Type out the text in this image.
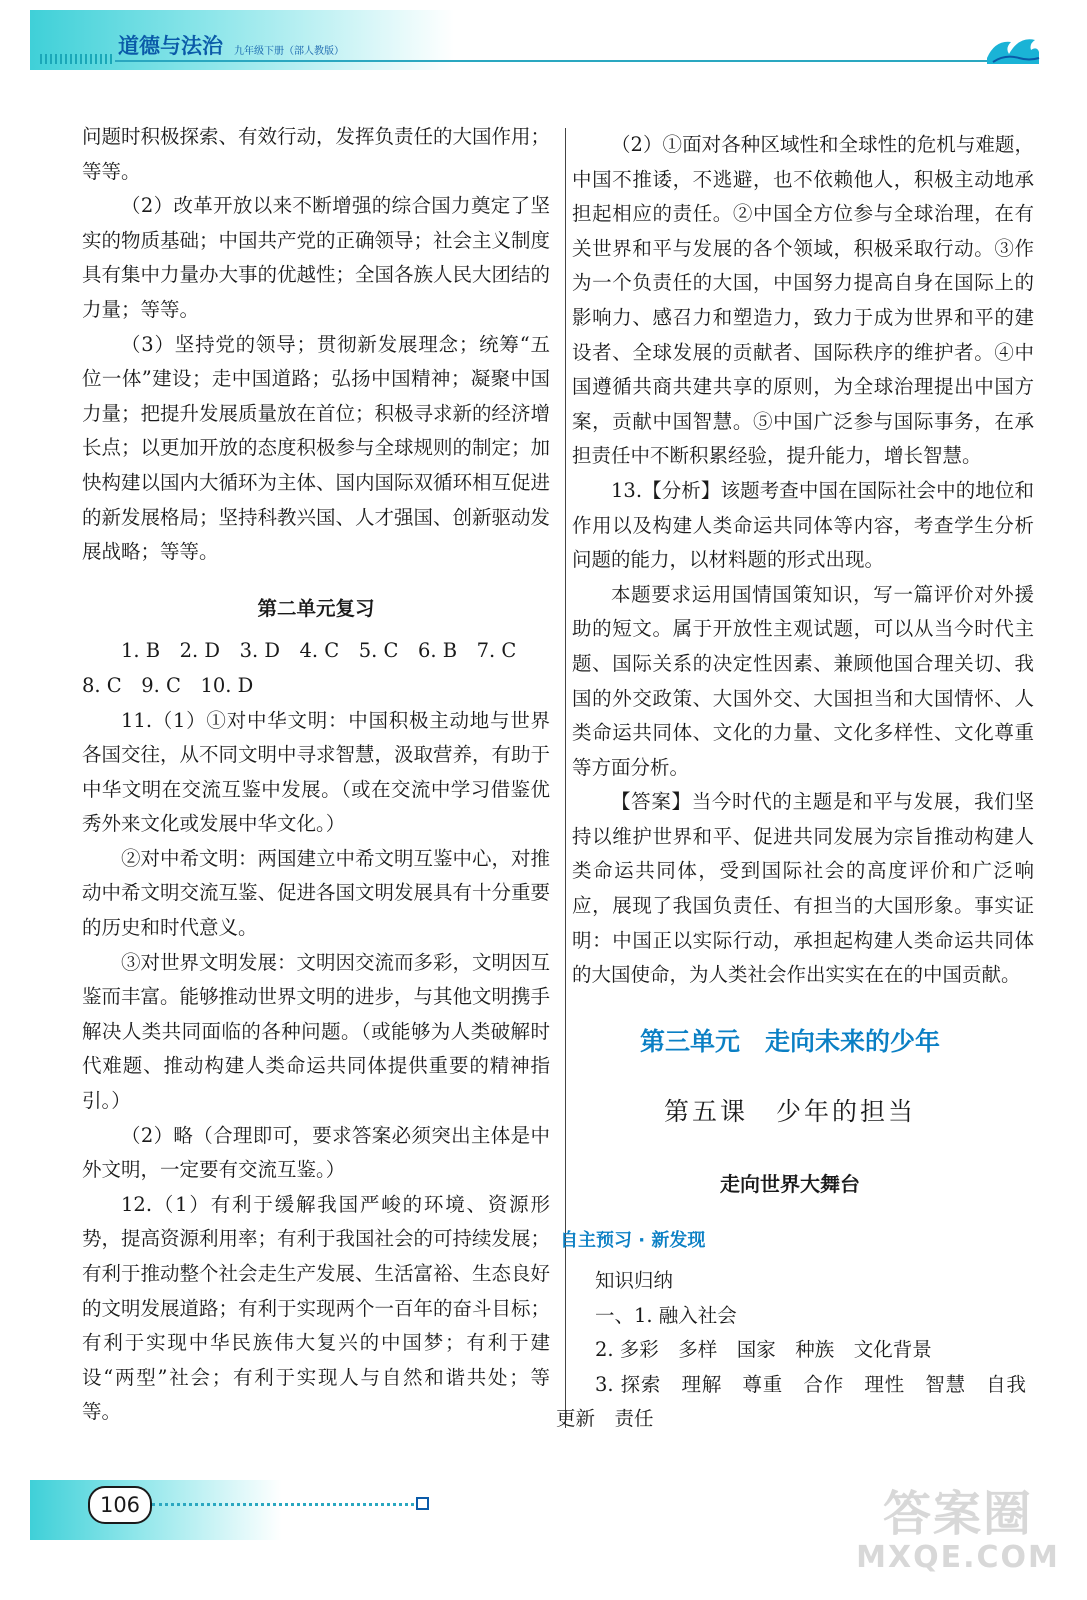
道德与法治 九年级下册（部人教版）

问题时积极探索、有效行动，发挥负责任的大国作用；等等。

（2）改革开放以来不断增强的综合国力奠定了坚实的物质基础；中国共产党的正确领导；社会主义制度具有集中力量办大事的优越性；全国各族人民大团结的力量；等等。

（3）坚持党的领导；贯彻新发展理念；统筹“五位一体”建设；走中国道路；弘扬中国精神；凝聚中国力量；把提升发展质量放在首位；积极寻求新的经济增长点；以更加开放的态度积极参与全球规则的制定；加快构建以国内大循环为主体、国内国际双循环相互促进的新发展格局；坚持科教兴国、人才强国、创新驱动发展战略；等等。

第二单元复习

1. B　2. D　3. D　4. C　5. C　6. B　7. C

8. C　9. C　10. D

11.（1）①对中华文明：中国积极主动地与世界各国交往，从不同文明中寻求智慧，汲取营养，有助于中华文明在交流互鉴中发展。（或在交流中学习借鉴优秀外来文化或发展中华文化。）

②对中希文明：两国建立中希文明互鉴中心，对推动中希文明交流互鉴、促进各国文明发展具有十分重要的历史和时代意义。

③对世界文明发展：文明因交流而多彩，文明因互鉴而丰富。能够推动世界文明的进步，与其他文明携手解决人类共同面临的各种问题。（或能够为人类破解时代难题、推动构建人类命运共同体提供重要的精神指引。）

（2）略（合理即可，要求答案必须突出主体是中外文明，一定要有交流互鉴。）

12.（1）有利于缓解我国严峻的环境、资源形势，提高资源利用率；有利于我国社会的可持续发展；有利于推动整个社会走生产发展、生活富裕、生态良好的文明发展道路；有利于实现两个一百年的奋斗目标；有利于实现中华民族伟大复兴的中国梦；有利于建设“两型”社会；有利于实现人与自然和谐共处；等等。

（2）①面对各种区域性和全球性的危机与难题，中国不推诿，不逃避，也不依赖他人，积极主动地承担起相应的责任。②中国全方位参与全球治理，在有关世界和平与发展的各个领域，积极采取行动。③作为一个负责任的大国，中国努力提高自身在国际上的影响力、感召力和塑造力，致力于成为世界和平的建设者、全球发展的贡献者、国际秩序的维护者。④中国遵循共商共建共享的原则，为全球治理提出中国方案，贡献中国智慧。⑤中国广泛参与国际事务，在承担责任中不断积累经验，提升能力，增长智慧。

13.【分析】该题考查中国在国际社会中的地位和作用以及构建人类命运共同体等内容，考查学生分析问题的能力，以材料题的形式出现。

本题要求运用国情国策知识，写一篇评价对外援助的短文。属于开放性主观试题，可以从当今时代主题、国际关系的决定性因素、兼顾他国合理关切、我国的外交政策、大国外交、大国担当和大国情怀、人类命运共同体、文化的力量、文化多样性、文化尊重等方面分析。

【答案】当今时代的主题是和平与发展，我们坚持以维护世界和平、促进共同发展为宗旨推动构建人类命运共同体，受到国际社会的高度评价和广泛响应，展现了我国负责任、有担当的大国形象。事实证明：中国正以实际行动，承担起构建人类命运共同体的大国使命，为人类社会作出实实在在的中国贡献。

第三单元　走向未来的少年
第五课　少年的担当
走向世界大舞台
自主预习 · 新发现

知识归纳

一、1. 融入社会

2. 多彩　多样　国家　种族　文化背景

3. 探索　理解　尊重　合作　理性　智慧　自我更新　责任

106	答案圈
MXQE.COM
